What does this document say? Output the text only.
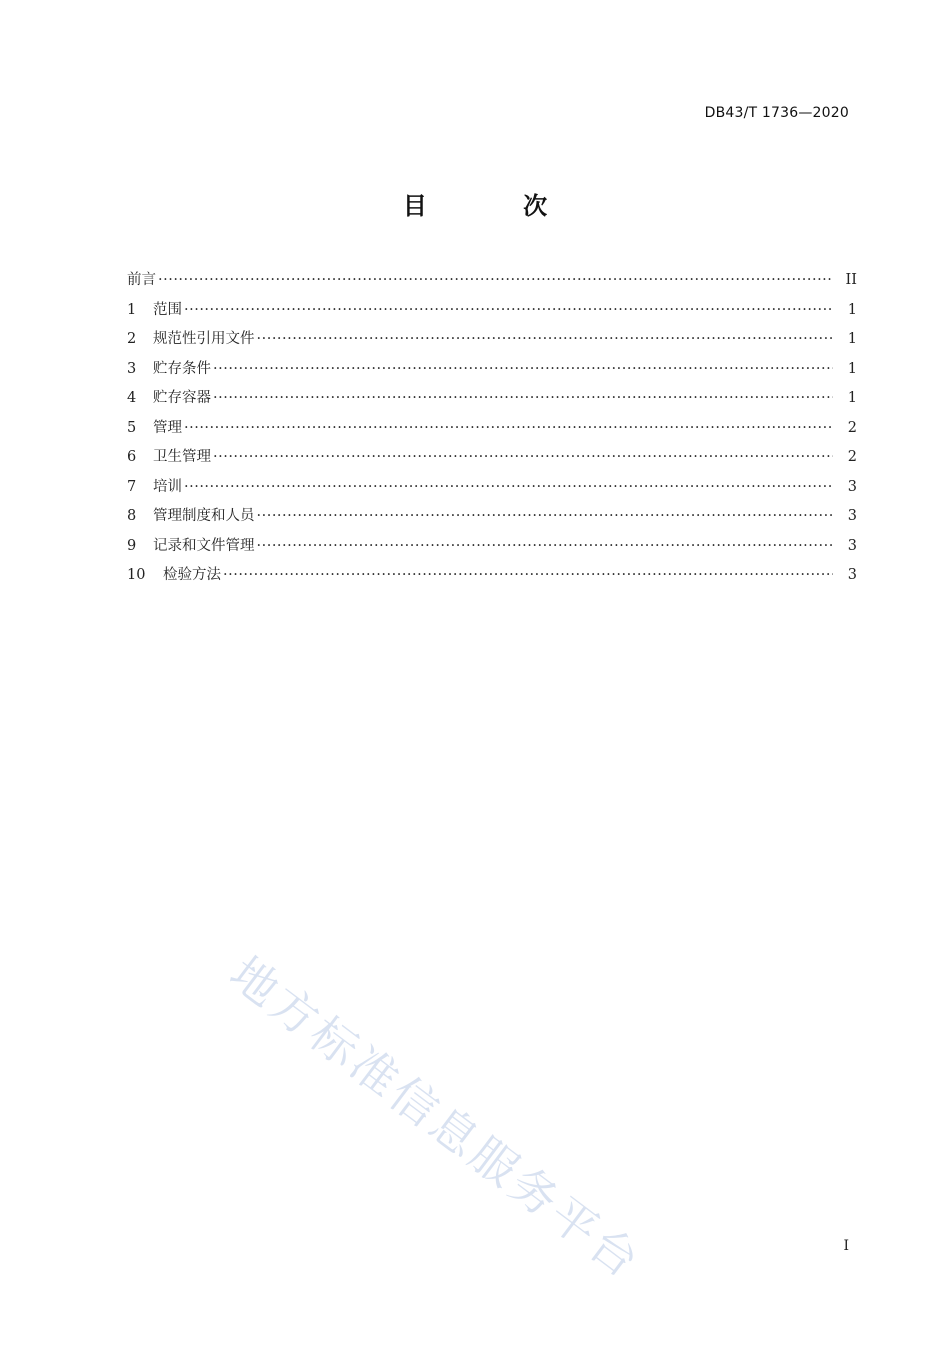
DB43/T 1736—2020
目 次
前言 ·····	II
1	范围 ·····	1
2	规范性引用文件 ·····	1
3	贮存条件 ·····	1
4	贮存容器 ·····	1
5	管理 ·····	2
6	卫生管理 ·····	2
7	培训 ·····	3
8	管理制度和人员 ·····	3
9	记录和文件管理 ·····	3
10	检验方法 ·····	3
地方标准信息服务平台	I
